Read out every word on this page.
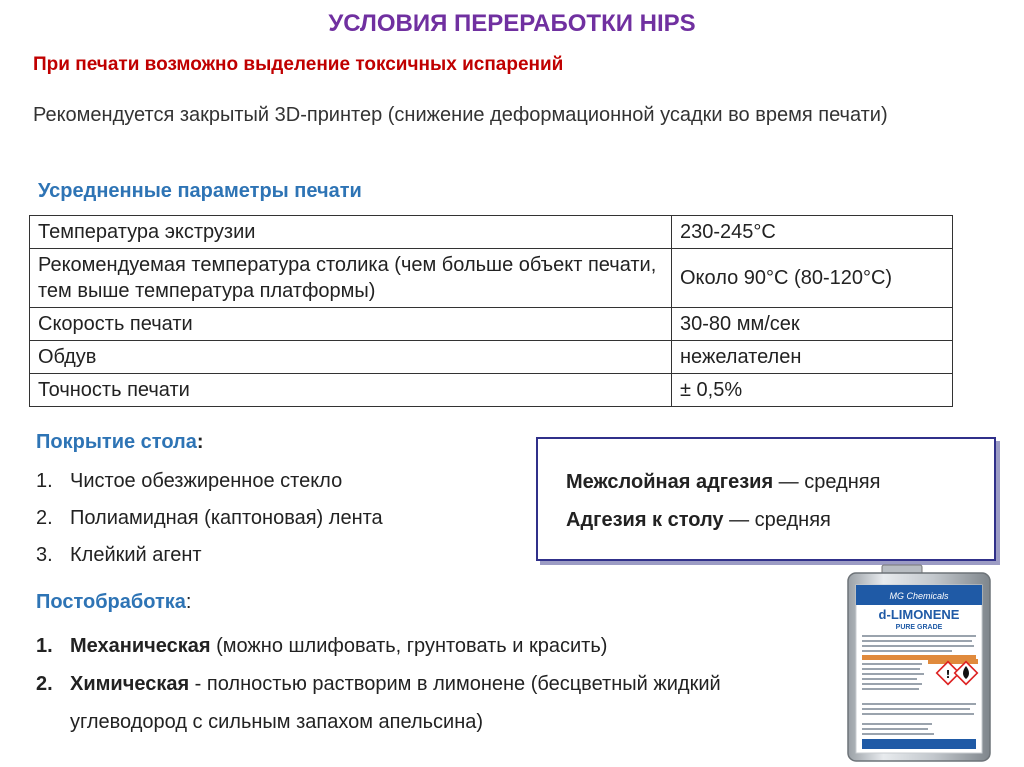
УСЛОВИЯ ПЕРЕРАБОТКИ HIPS
При печати возможно выделение токсичных испарений
Рекомендуется закрытый 3D-принтер (снижение деформационной усадки во время печати)
Усредненные параметры печати
Температура экструзии	230-245°C
Рекомендуемая температура столика (чем больше объект печати, тем выше температура платформы)	Около 90°C (80-120°C)
Скорость печати	30-80 мм/сек
Обдув	нежелателен
Точность печати	± 0,5%
Покрытие стола:
1. Чистое обезжиренное стекло
2. Полиамидная (каптоновая) лента
3. Клейкий агент
Межслойная адгезия — средняя
Адгезия к столу — средняя
Постобработка:
1. Механическая (можно шлифовать, грунтовать и красить)
2. Химическая - полностью растворим в лимонене (бесцветный жидкий углеводород с сильным запахом апельсина)
MG Chemicals
d-LIMONENE
PURE GRADE
!
